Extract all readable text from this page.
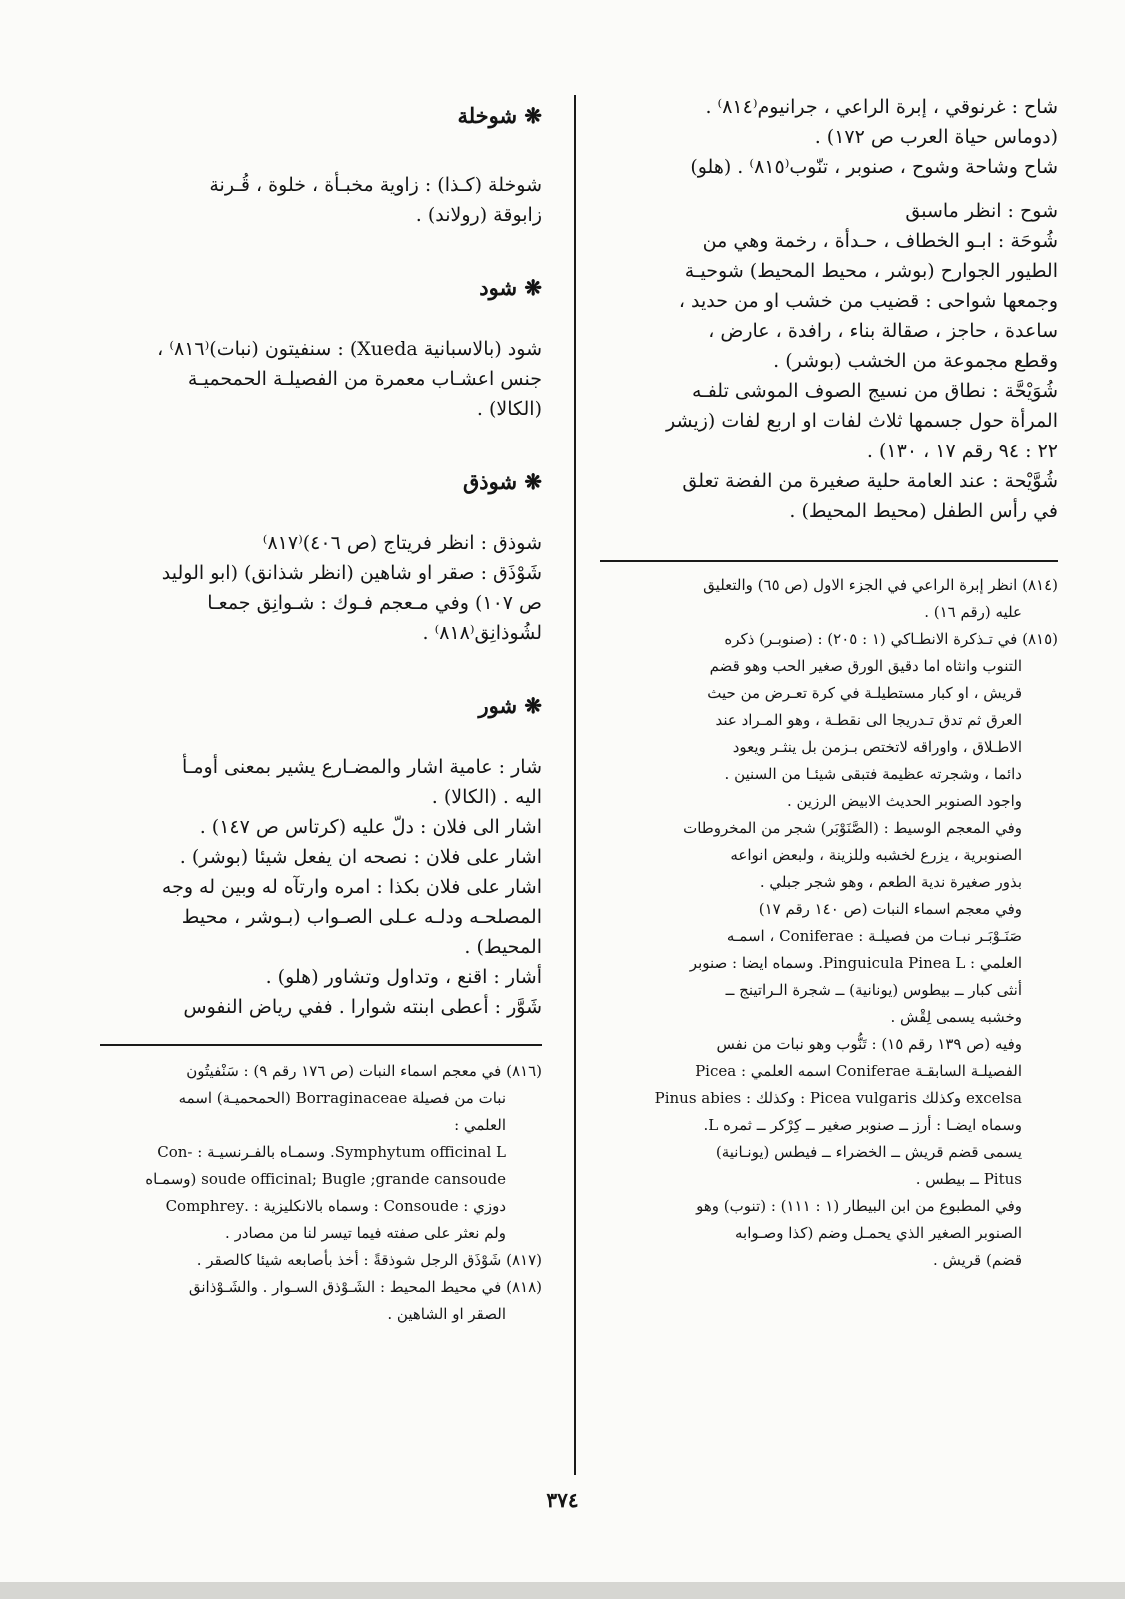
شاح : غرنوقي ، إبرة الراعي ، جرانيوم⁽٨١٤⁾ .
(دوماس حياة العرب ص ١٧٢) .
شاح وشاحة وشوح ، صنوبر ، تنّوب⁽٨١٥⁾ . (هلو)
شوح : انظر ماسبق
شُوحَة : ابـو الخطاف ، حـدأة ، رخمة وهي من
الطيور الجوارح (بوشر ، محيط المحيط) شوحيـة
وجمعها شواحى : قضيب من خشب او من حديد ،
ساعدة ، حاجز ، صقالة بناء ، رافدة ، عارض ،
وقطع مجموعة من الخشب (بوشر) .
شُوَيْحَّة : نطاق من نسيج الصوف الموشى تلفـه
المرأة حول جسمها ثلاث لفات او اربع لفات (زيشر
٢٢ : ٩٤ رقم ١٧ ، ١٣٠) .
شُوَّيْحة : عند العامة حلية صغيرة من الفضة تعلق
في رأس الطفل (محيط المحيط) .
(٨١٤) انظر إبرة الراعي في الجزء الاول (ص ٦٥) والتعليق
عليه (رقم ١٦) .
(٨١٥) في تـذكرة الانطـاكي (١ : ٢٠٥) : (صنوبـر) ذكره
التنوب وانثاه اما دقيق الورق صغير الحب وهو قضم
قريش ، او كبار مستطيلـة في كرة تعـرض من حيث
العرق ثم تدق تـدريجا الى نقطـة ، وهو المـراد عند
الاطـلاق ، واوراقه لاتختص بـزمن بل ينثـر ويعود
دائما ، وشجرته عظيمة فتبقى شيئـا من السنين .
واجود الصنوبر الحديث الابيض الرزين .
وفي المعجم الوسيط : (الصَّنَوْبَر) شجر من المخروطات
الصنوبرية ، يزرع لخشبه وللزينة ، ولبعض انواعه
بذور صغيرة ندية الطعم ، وهو شجر جبلي .
وفي معجم اسماء النبات (ص ١٤٠ رقم ١٧)
صَنَـوْبَـر نبـات من فصيلـة : Coniferae ، اسمـه
العلمي : Pinguicula Pinea L. وسماه ايضا : صنوبر
أنثى كبار ــ بيطوس (يونانية) ــ شجرة الـراتينج ــ
وخشبه يسمى لِقْش .
وفيه (ص ١٣٩ رقم ١٥) : تَنُّوب وهو نبات من نفس
الفصيلـة السابقـة Coniferae اسمه العلمي : Picea
excelsa وكذلك Picea vulgaris : وكذلك : Pinus abies
وسماه ايضـا : أرز ــ صنوبر صغير ــ كِرْكر ــ ثمره L.
يسمى قضم قريش ــ الخضراء ــ فيطس (يونـانية)
Pitus ــ بيطس .
وفي المطبوع من ابن البيطار (١ : ١١١) : (تنوب) وهو
الصنوبر الصغير الذي يحمـل وضم (كذا وصـوابه
قضم) قريش .
❋ شوخلة
شوخلة (كـذا) : زاوية مخبـأة ، خلوة ، قُـرنة
زابوقة (رولاند) .
❋ شود
شود (بالاسبانية Xueda) : سنفيتون (نبات)⁽٨١٦⁾ ،
جنس اعشـاب معمرة من الفصيلـة الحمحميـة
(الكالا) .
❋ شوذق
شوذق : انظر فريتاج (ص ٤٠٦)⁽٨١٧⁾
شَوْذَق : صقر او شاهين (انظر شذانق) (ابو الوليد
ص ١٠٧) وفي مـعجم فـوك : شـوانِق جمعـا
لشُوذانِق⁽٨١٨⁾ .
❋ شور
شار : عامية اشار والمضـارع يشير بمعنى أومـأ
اليه . (الكالا) .
اشار الى فلان : دلّ عليه (كرتاس ص ١٤٧) .
اشار على فلان : نصحه ان يفعل شيئا (بوشر) .
اشار على فلان بكذا : امره وارتآه له وبين له وجه
المصلحـه ودلـه عـلى الصـواب (بـوشر ، محيط
المحيط) .
أشار : اقنع ، وتداول وتشاور (هلو) .
شَوَّر : أعطى ابنته شوارا . ففي رياض النفوس
(٨١٦) في معجم اسماء النبات (ص ١٧٦ رقم ٩) : سَنْفيتُون
نبات من فصيلة Borraginaceae (الحمحميـة) اسمه
العلمي :
Symphytum officinal L. وسمـاه بالفـرنسيـة : -Con
soude officinal; Bugle ;grande cansoude (وسمـاه
دوزي : Consoude : وسماه بالانكليزية : .Comphrey
ولم نعثر على صفته فيما تيسر لنا من مصادر .
(٨١٧) شَوْذَق الرجل شوذقةً : أخذ بأصابعه شيئا كالصقر .
(٨١٨) في محيط المحيط : الشَـوْذق السـوار . والشَـوْذانق
الصقر او الشاهين .
٣٧٤
